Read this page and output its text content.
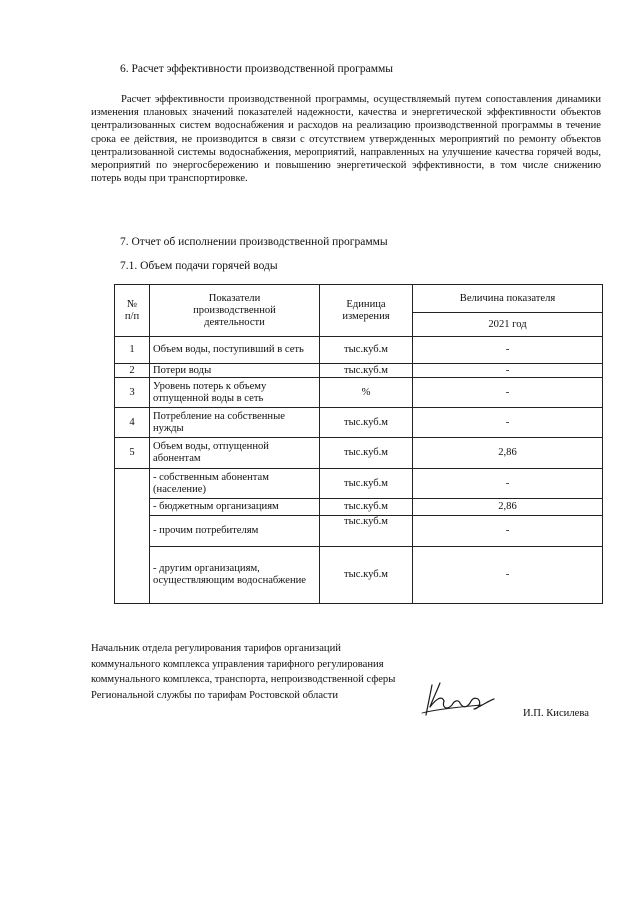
6. Расчет эффективности производственной программы
Расчет эффективности производственной программы, осуществляемый путем сопоставления динамики изменения плановых значений показателей надежности, качества и энергетической эффективности объектов централизованных систем водоснабжения и расходов на реализацию производственной программы в течение срока ее действия, не производится в связи с отсутствием утвержденных мероприятий по ремонту объектов централизованной системы водоснабжения, мероприятий, направленных на улучшение качества горячей воды, мероприятий по энергосбережению и повышению энергетической эффективности, в том числе снижению потерь воды при транспортировке.
7. Отчет об исполнении производственной программы
7.1. Объем подачи горячей воды
№ п/п	Показатели производственной деятельности	Единица измерения	Величина показателя
			2021 год
1	Объем воды, поступивший в сеть	тыс.куб.м	-
2	Потери воды	тыс.куб.м	-
3	Уровень потерь к объему отпущенной воды в сеть	%	-
4	Потребление на собственные нужды	тыс.куб.м	-
5	Объем воды, отпущенной абонентам	тыс.куб.м	2,86
	- собственным абонентам (население)	тыс.куб.м	-
	- бюджетным организациям	тыс.куб.м	2,86
	- прочим потребителям	тыс.куб.м	-
	- другим организациям, осуществляющим водоснабжение	тыс.куб.м	-
Начальник отдела регулирования тарифов организаций коммунального комплекса управления тарифного регулирования коммунального комплекса, транспорта, непроизводственной сферы Региональной службы по тарифам Ростовской области
И.П. Кисилева
